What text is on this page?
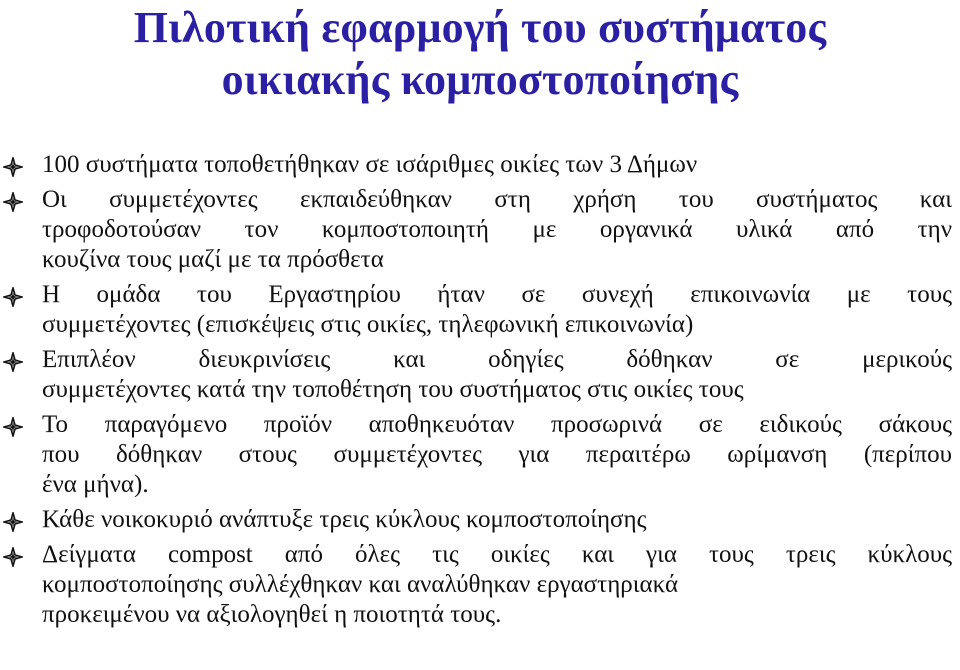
Πιλοτική εφαρμογή του συστήματος
οικιακής κομποστοποίησης
100 συστήματα τοποθετήθηκαν σε ισάριθμες οικίες των 3 Δήμων
Οι συμμετέχοντες εκπαιδεύθηκαν στη χρήση του συστήματος και
τροφοδοτούσαν τον κομποστοποιητή με οργανικά υλικά από την
κουζίνα τους μαζί με τα πρόσθετα
Η ομάδα του Εργαστηρίου ήταν σε συνεχή επικοινωνία με τους
συμμετέχοντες (επισκέψεις στις οικίες, τηλεφωνική επικοινωνία)
Επιπλέον διευκρινίσεις και οδηγίες δόθηκαν σε μερικούς
συμμετέχοντες κατά την τοποθέτηση του συστήματος στις οικίες τους
Το παραγόμενο προϊόν αποθηκευόταν προσωρινά σε ειδικούς σάκους
που δόθηκαν στους συμμετέχοντες για περαιτέρω ωρίμανση (περίπου
ένα μήνα).
Κάθε νοικοκυριό ανάπτυξε τρεις κύκλους κομποστοποίησης
Δείγματα compost από όλες τις οικίες και για τους τρεις κύκλους
κομποστοποίησης συλλέχθηκαν και αναλύθηκαν εργαστηριακά
προκειμένου να αξιολογηθεί η ποιοτητά τους.
